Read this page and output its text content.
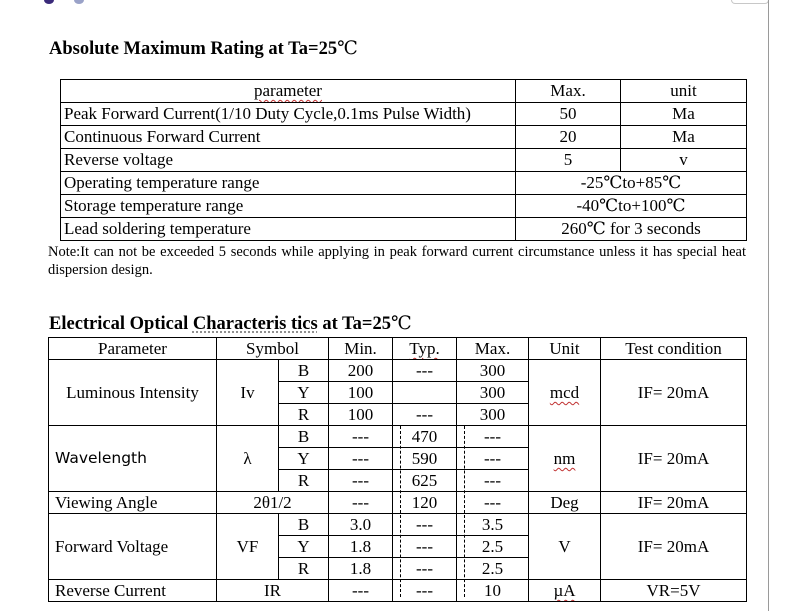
Absolute Maximum Rating at Ta=25℃
parameter	Max.	unit
Peak Forward Current(1/10 Duty Cycle,0.1ms Pulse Width)	50	Ma
Continuous Forward Current	20	Ma
Reverse voltage	5	v
Operating temperature range	-25℃to+85℃	
Storage temperature range	-40℃to+100℃	
Lead soldering temperature	260℃ for 3 seconds	
Note:It can not be exceeded 5 seconds while applying in peak forward current circumstance unless it has special heat dispersion design.
Electrical Optical Characteris tics at Ta=25℃
Parameter	Symbol		Min.	Typ.	Max.	Unit	Test condition
Luminous Intensity	Iv	B	200	---	300	mcd	IF= 20mA
		Y	100		300		
		R	100	---	300		
Wavelength	λ	B	---	470	---	nm	IF= 20mA
		Y	---	590	---		
		R	---	625	---		
Viewing Angle	2θ1/2		---	120	---	Deg	IF= 20mA
Forward Voltage	VF	B	3.0	---	3.5	V	IF= 20mA
		Y	1.8	---	2.5		
		R	1.8	---	2.5		
Reverse Current	IR		---	---	10	µA	VR=5V
